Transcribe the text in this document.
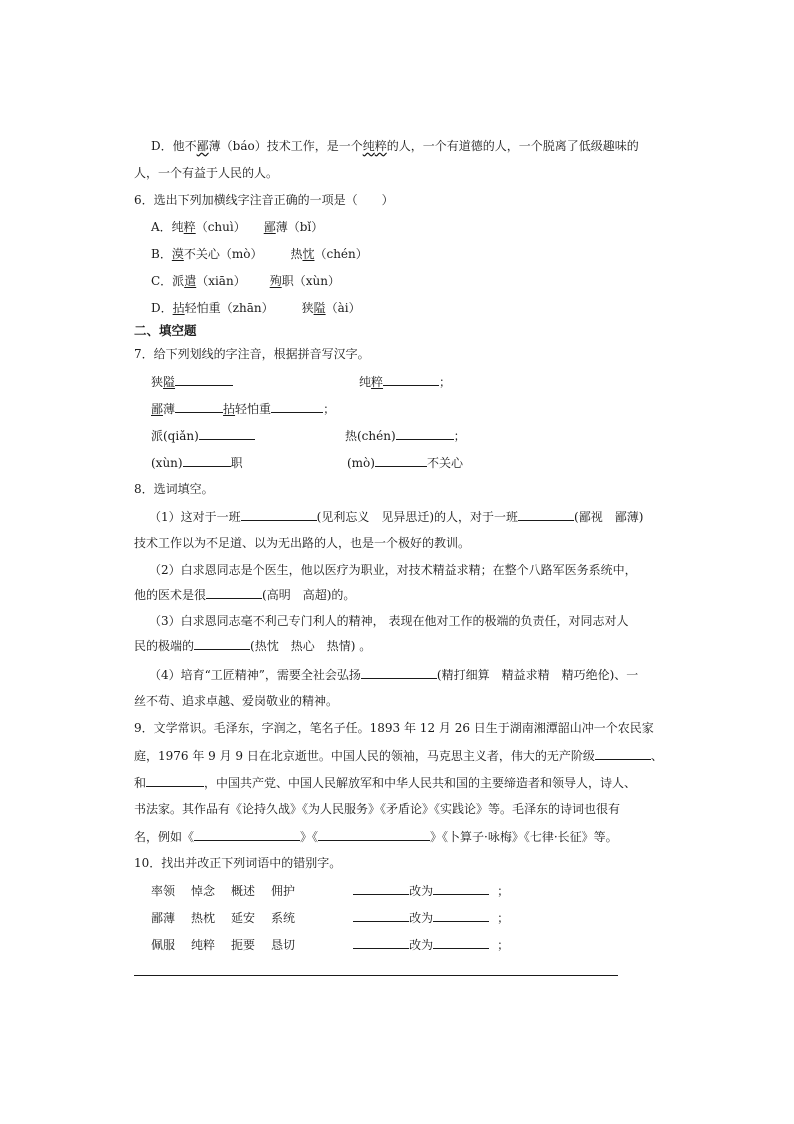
D．他不鄙薄（báo）技术工作，是一个纯粹的人，一个有道德的人，一个脱离了低级趣味的
人，一个有益于人民的人。
6．选出下列加横线字注音正确的一项是（　　）
A．纯粹（chuì） 鄙薄（bǐ）
B．漠不关心（mò） 热忱（chén）
C．派遣（xiān） 殉职（xùn）
D．拈轻怕重（zhān） 狭隘（ài）
二、填空题
7．给下列划线的字注音，根据拼音写汉字。
狭隘	纯粹	；
鄙薄	拈轻怕重	；
派(qiǎn)	热(chén)	；
(xùn)	职	(mò)	不关心
8．选词填空。
（1）这对于一班	(见利忘义　见异思迁)的人，对于一班	(鄙视　鄙薄)
技术工作以为不足道、以为无出路的人，也是一个极好的教训。
（2）白求恩同志是个医生，他以医疗为职业，对技术精益求精；在整个八路军医务系统中，
他的医术是很	(高明　高超)的。
（3）白求恩同志毫不利己专门利人的精神， 表现在他对工作的极端的负责任，对同志对人
民的极端的	(热忱　热心　热情) 。
（4）培育“工匠精神”，需要全社会弘扬	(精打细算　精益求精　精巧绝伦)、一
丝不苟、追求卓越、爱岗敬业的精神。
9．文学常识。毛泽东，字润之，笔名子任。1893 年 12 月 26 日生于湖南湘潭韶山冲一个农民家
庭，1976 年 9 月 9 日在北京逝世。中国人民的领袖，马克思主义者，伟大的无产阶级	、
和	，中国共产党、中国人民解放军和中华人民共和国的主要缔造者和领导人，诗人、
书法家。其作品有《论持久战》《为人民服务》《矛盾论》《实践论》等。毛泽东的诗词也很有
名，例如《	》《	》《卜算子·咏梅》《七律·长征》等。
10．找出并改正下列词语中的错别字。
率领 悼念 概述 佣护	改为	；
鄙薄 热枕 延安 系统	改为	；
佩服 纯粹 扼要 恳切	改为	；
